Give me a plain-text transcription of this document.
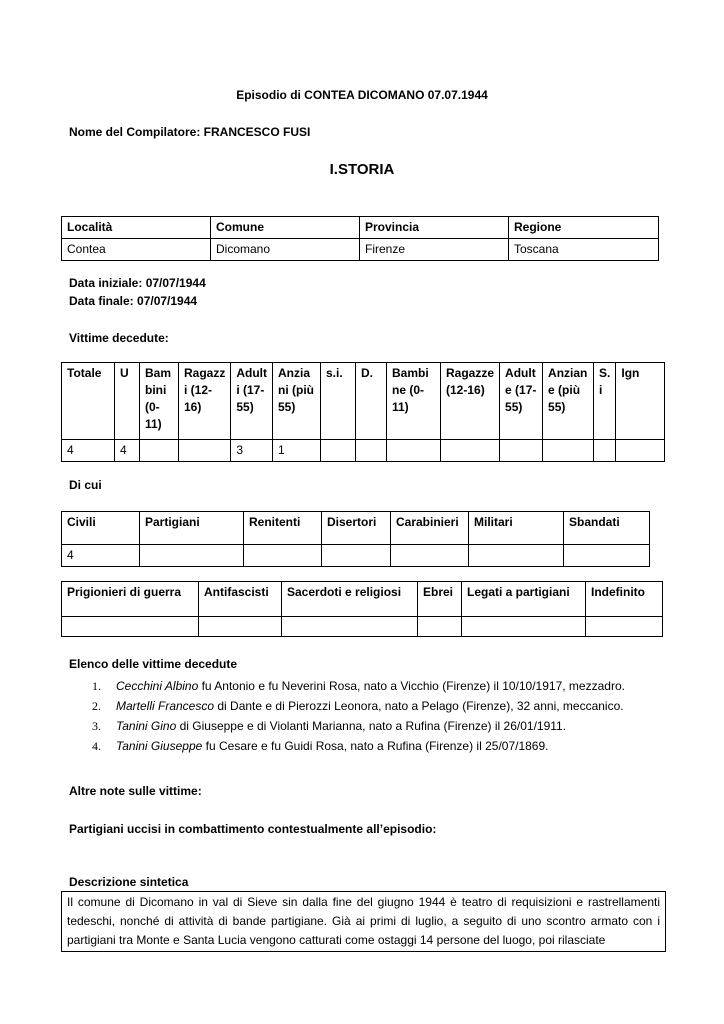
Episodio di CONTEA DICOMANO 07.07.1944
Nome del Compilatore: FRANCESCO FUSI
I.STORIA
Località	Comune	Provincia	Regione
Contea	Dicomano	Firenze	Toscana
Data iniziale: 07/07/1944
Data finale: 07/07/1944
Vittime decedute:
Totale	U	Bam bini (0-11)	Ragazz i (12-16)	Adult i (17-55)	Anzia ni (più 55)	s.i.	D.	Bambi ne (0-11)	Ragazze (12-16)	Adult e (17-55)	Anzian e (più 55)	S. i	Ign
4	4			3	1								
Di cui
Civili	Partigiani	Renitenti	Disertori	Carabinieri	Militari	Sbandati
4						
Prigionieri di guerra	Antifascisti	Sacerdoti e religiosi	Ebrei	Legati a partigiani	Indefinito

Elenco delle vittime decedute
1.	Cecchini Albino fu Antonio e fu Neverini Rosa, nato a Vicchio (Firenze) il 10/10/1917, mezzadro.
2.	Martelli Francesco di Dante e di Pierozzi Leonora, nato a Pelago (Firenze), 32 anni, meccanico.
3.	Tanini Gino di Giuseppe e di Violanti Marianna, nato a Rufina (Firenze) il 26/01/1911.
4.	Tanini Giuseppe fu Cesare e fu Guidi Rosa, nato a Rufina (Firenze) il 25/07/1869.
Altre note sulle vittime:
Partigiani uccisi in combattimento contestualmente all’episodio:
Descrizione sintetica
Il comune di Dicomano in val di Sieve sin dalla fine del giugno 1944 è teatro di requisizioni e rastrellamenti tedeschi, nonché di attività di bande partigiane. Già ai primi di luglio, a seguito di uno scontro armato con i partigiani tra Monte e Santa Lucia vengono catturati come ostaggi 14 persone del luogo, poi rilasciate
